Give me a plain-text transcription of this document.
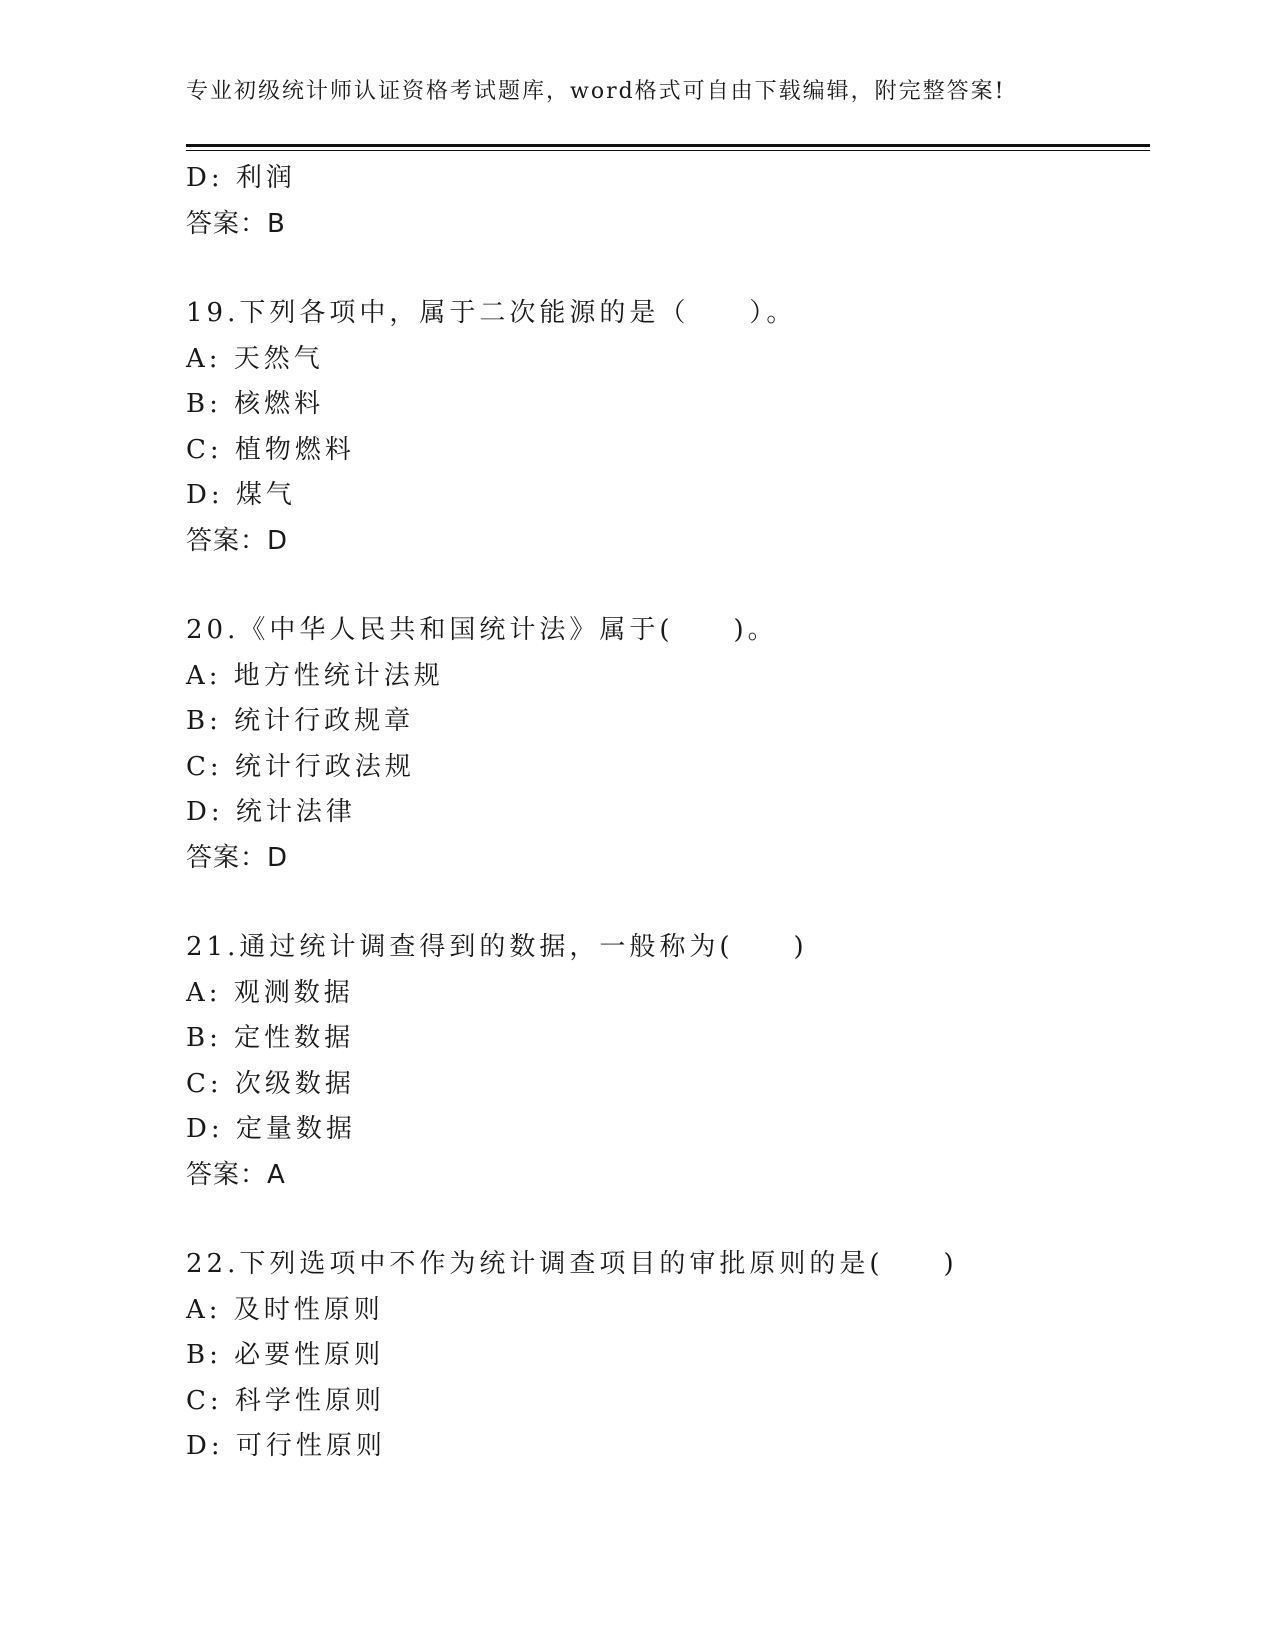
专业初级统计师认证资格考试题库，word格式可自由下载编辑，附完整答案!
D: 利润
答案：B
19.下列各项中，属于二次能源的是（　　）。
A: 天然气
B: 核燃料
C: 植物燃料
D: 煤气
答案：D
20.《中华人民共和国统计法》属于(　　)。
A: 地方性统计法规
B: 统计行政规章
C: 统计行政法规
D: 统计法律
答案：D
21.通过统计调查得到的数据，一般称为(　　)
A: 观测数据
B: 定性数据
C: 次级数据
D: 定量数据
答案：A
22.下列选项中不作为统计调查项目的审批原则的是(　　)
A: 及时性原则
B: 必要性原则
C: 科学性原则
D: 可行性原则
